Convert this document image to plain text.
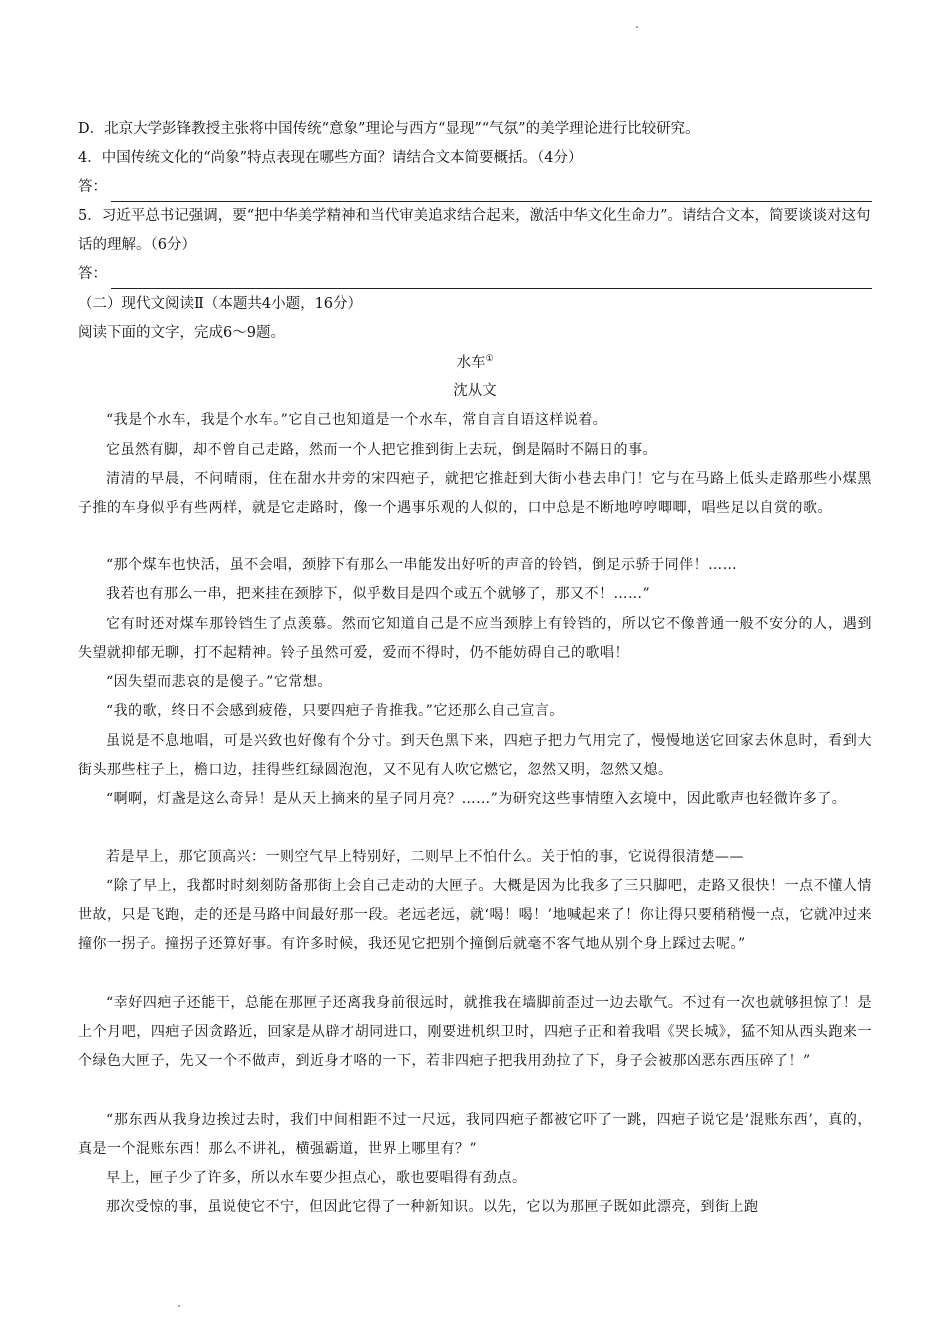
D．北京大学彭锋教授主张将中国传统“意象”理论与西方“显现”“气氛”的美学理论进行比较研究。

4．中国传统文化的“尚象”特点表现在哪些方面？请结合文本简要概括。（4分）

答：

5．习近平总书记强调，要“把中华美学精神和当代审美追求结合起来，激活中华文化生命力”。请结合文本，简要谈谈对这句话的理解。（6分）

答：

（二）现代文阅读Ⅱ（本题共4小题，16分）

阅读下面的文字，完成6～9题。

水车①

沈从文

“我是个水车，我是个水车。”它自己也知道是一个水车，常自言自语这样说着。

它虽然有脚，却不曾自己走路，然而一个人把它推到街上去玩，倒是隔时不隔日的事。

清清的早晨，不问晴雨，住在甜水井旁的宋四疤子，就把它推赶到大街小巷去串门！它与在马路上低头走路那些小煤黑子推的车身似乎有些两样，就是它走路时，像一个遇事乐观的人似的，口中总是不断地哼哼唧唧，唱些足以自赏的歌。

“那个煤车也快活，虽不会唱，颈脖下有那么一串能发出好听的声音的铃铛，倒足示骄于同伴！……

我若也有那么一串，把来挂在颈脖下，似乎数目是四个或五个就够了，那又不！……”

它有时还对煤车那铃铛生了点羡慕。然而它知道自己是不应当颈脖上有铃铛的，所以它不像普通一般不安分的人，遇到失望就抑郁无聊，打不起精神。铃子虽然可爱，爱而不得时，仍不能妨碍自己的歌唱！

“因失望而悲哀的是傻子。”它常想。

“我的歌，终日不会感到疲倦，只要四疤子肯推我。”它还那么自己宣言。

虽说是不息地唱，可是兴致也好像有个分寸。到天色黑下来，四疤子把力气用完了，慢慢地送它回家去休息时，看到大街头那些柱子上，檐口边，挂得些红绿圆泡泡，又不见有人吹它燃它，忽然又明，忽然又熄。

“啊啊，灯盏是这么奇异！是从天上摘来的星子同月亮？……”为研究这些事情堕入玄境中，因此歌声也轻微许多了。

若是早上，那它顶高兴：一则空气早上特别好，二则早上不怕什么。关于怕的事，它说得很清楚——

“除了早上，我都时时刻刻防备那街上会自己走动的大匣子。大概是因为比我多了三只脚吧，走路又很快！一点不懂人情世故，只是飞跑，走的还是马路中间最好那一段。老远老远，就‘喝！喝！’地喊起来了！你让得只要稍稍慢一点，它就冲过来撞你一拐子。撞拐子还算好事。有许多时候，我还见它把别个撞倒后就毫不客气地从别个身上踩过去呢。”

“幸好四疤子还能干，总能在那匣子还离我身前很远时，就推我在墙脚前歪过一边去歇气。不过有一次也就够担惊了！是上个月吧，四疤子因贪路近，回家是从辟才胡同进口，刚要进机织卫时，四疤子正和着我唱《哭长城》，猛不知从西头跑来一个绿色大匣子，先又一个不做声，到近身才咯的一下，若非四疤子把我用劲拉了下，身子会被那凶恶东西压碎了！”

“那东西从我身边挨过去时，我们中间相距不过一尺远，我同四疤子都被它吓了一跳，四疤子说它是‘混账东西’，真的，真是一个混账东西！那么不讲礼，横强霸道，世界上哪里有？”

早上，匣子少了许多，所以水车要少担点心，歌也要唱得有劲点。

那次受惊的事，虽说使它不宁，但因此它得了一种新知识。以先，它以为那匣子既如此漂亮，到街上跑
